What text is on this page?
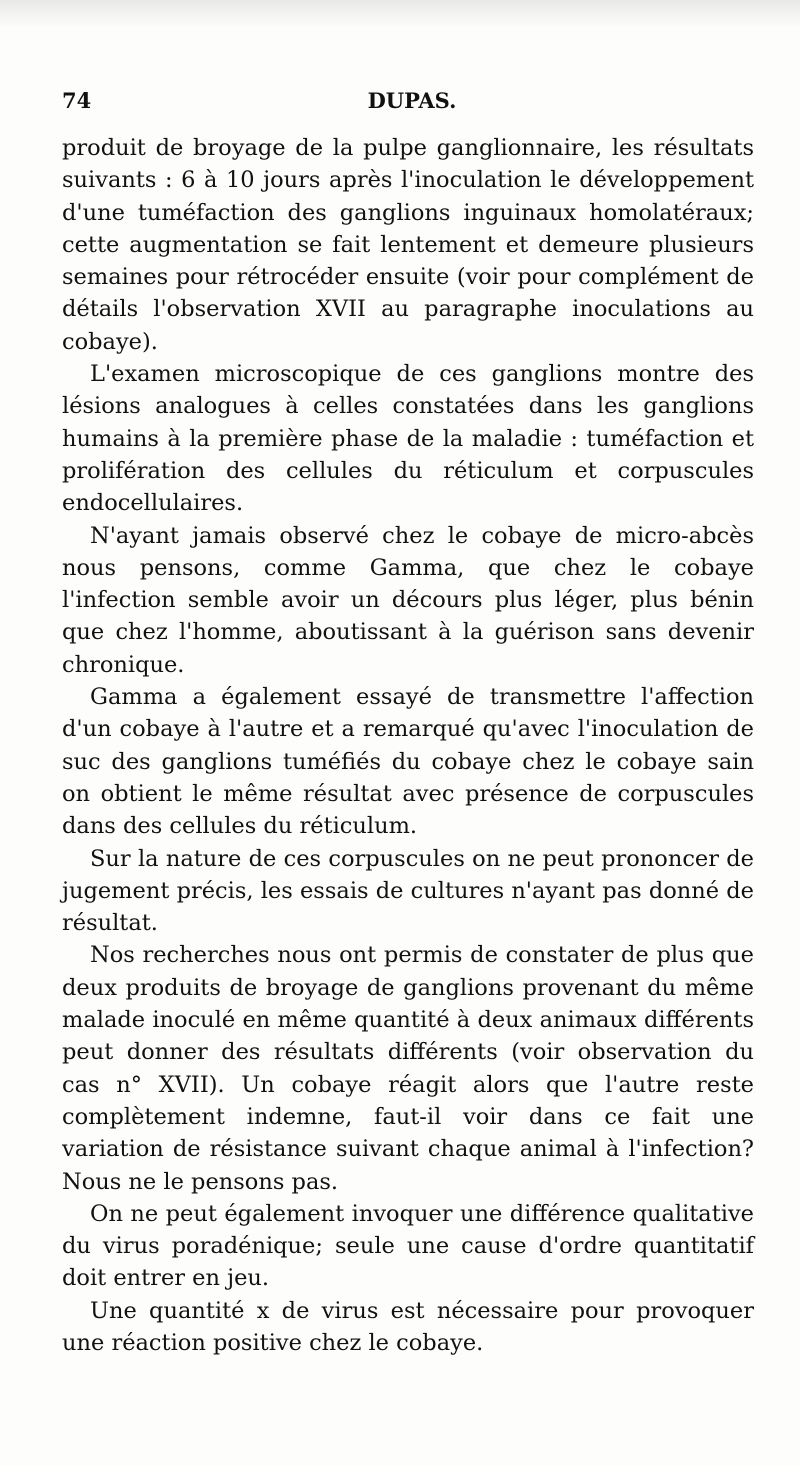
74	DUPAS.

produit de broyage de la pulpe ganglionnaire, les résultats suivants : 6 à 10 jours après l'inoculation le développement d'une tuméfaction des ganglions inguinaux homolatéraux; cette augmentation se fait lentement et demeure plusieurs semaines pour rétrocéder ensuite (voir pour complément de détails l'observation XVII au paragraphe inoculations au cobaye).

L'examen microscopique de ces ganglions montre des lésions analogues à celles constatées dans les ganglions humains à la première phase de la maladie : tuméfaction et prolifération des cellules du réticulum et corpuscules endocellulaires.

N'ayant jamais observé chez le cobaye de micro-abcès nous pensons, comme Gamma, que chez le cobaye l'infection semble avoir un décours plus léger, plus bénin que chez l'homme, aboutissant à la guérison sans devenir chronique.

Gamma a également essayé de transmettre l'affection d'un cobaye à l'autre et a remarqué qu'avec l'inoculation de suc des ganglions tuméfiés du cobaye chez le cobaye sain on obtient le même résultat avec présence de corpuscules dans des cellules du réticulum.

Sur la nature de ces corpuscules on ne peut prononcer de jugement précis, les essais de cultures n'ayant pas donné de résultat.

Nos recherches nous ont permis de constater de plus que deux produits de broyage de ganglions provenant du même malade inoculé en même quantité à deux animaux différents peut donner des résultats différents (voir observation du cas n° XVII). Un cobaye réagit alors que l'autre reste complètement indemne, faut-il voir dans ce fait une variation de résistance suivant chaque animal à l'infection? Nous ne le pensons pas.

On ne peut également invoquer une différence qualitative du virus poradénique; seule une cause d'ordre quantitatif doit entrer en jeu.

Une quantité x de virus est nécessaire pour provoquer une réaction positive chez le cobaye.
